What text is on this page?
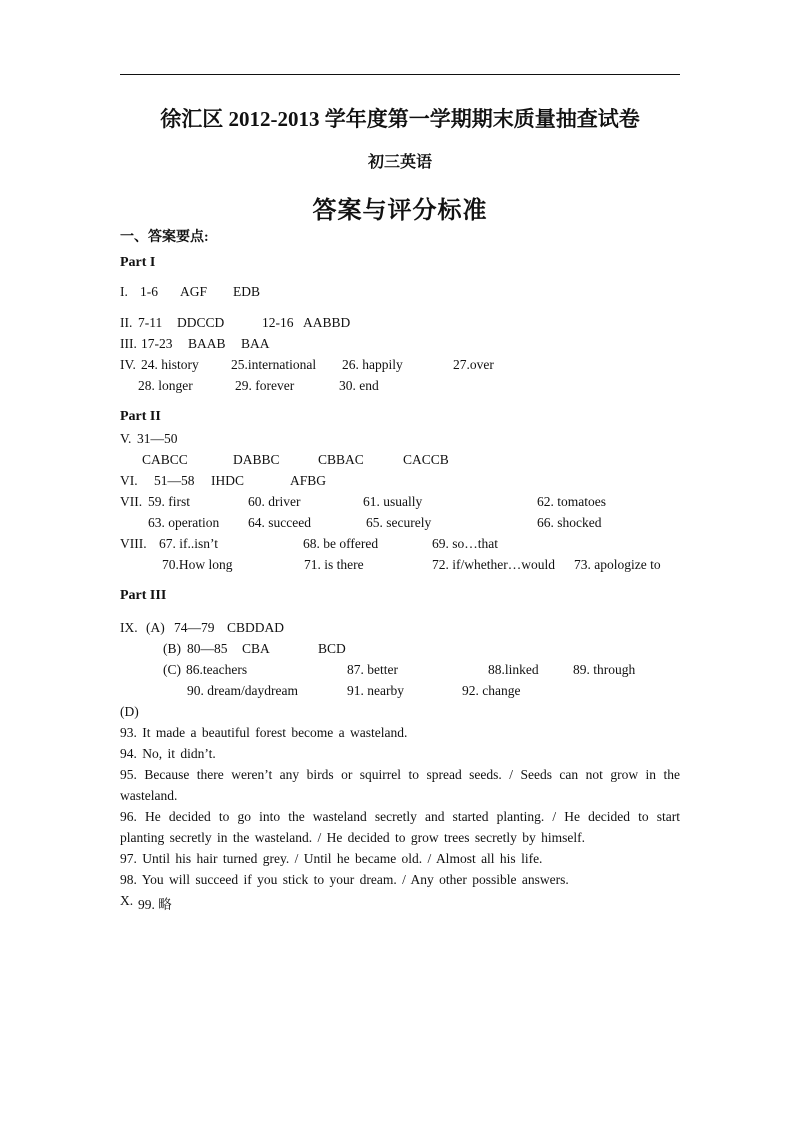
徐汇区 2012-2013 学年度第一学期期末质量抽查试卷
初三英语
答案与评分标准
一、答案要点:
Part I
I. 1-6 AGF EDB
II. 7-11 DDCCD	12-16 AABBD
III. 17-23 BAAB BAA
IV. 24. history 25.international 26. happily	27.over
28. longer	29. forever	30. end
Part II
V. 31—50
CABCC	DABBC	CBBAC	CACCB
VI. 51—58 IHDC	AFBG
VII. 59. first	60. driver	61. usually	62. tomatoes
63. operation 64. succeed	65. securely	66. shocked
VIII. 67. if..isn’t	68. be offered	69. so…that
70.How long	71. is there	72. if/whether…would 73. apologize to
Part III
IX. (A) 74—79 CBDDAD
(B) 80—85 CBA	BCD
(C) 86.teachers	87. better	88.linked	89. through
90. dream/daydream	91. nearby	92. change
(D)
93. It made a beautiful forest become a wasteland.
94. No, it didn’t.
95. Because there weren’t any birds or squirrel to spread seeds. / Seeds can not grow in the wasteland.
96. He decided to go into the wasteland secretly and started planting. / He decided to start planting secretly in the wasteland. / He decided to grow trees secretly by himself.
97. Until his hair turned grey. / Until he became old. / Almost all his life.
98. You will succeed if you stick to your dream. / Any other possible answers.
X. 99. 略
